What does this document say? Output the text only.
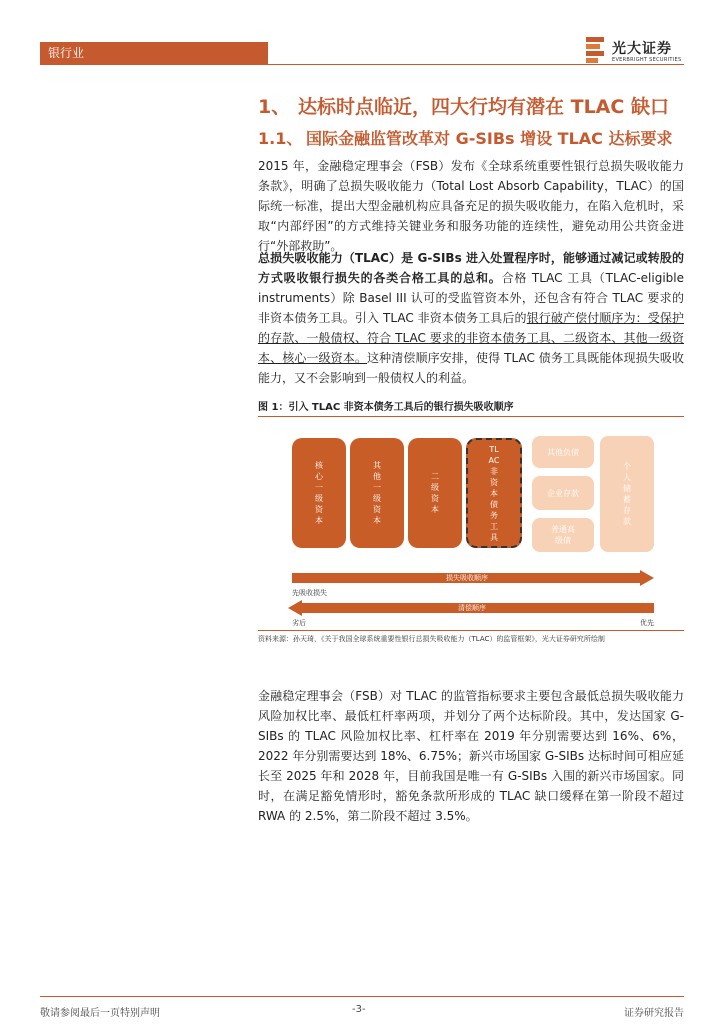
银行业	光大证券
EVERBRIGHT SECURITIES
1、 达标时点临近，四大行均有潜在 TLAC 缺口
1.1、 国际金融监管改革对 G-SIBs 增设 TLAC 达标要求
2015 年，金融稳定理事会（FSB）发布《全球系统重要性银行总损失吸收能力条款》，明确了总损失吸收能力（Total Lost Absorb Capability，TLAC）的国际统一标准，提出大型金融机构应具备充足的损失吸收能力，在陷入危机时，采取“内部纾困”的方式维持关键业务和服务功能的连续性，避免动用公共资金进行“外部救助”。
总损失吸收能力（TLAC）是 G-SIBs 进入处置程序时，能够通过减记或转股的方式吸收银行损失的各类合格工具的总和。合格 TLAC 工具（TLAC-eligible instruments）除 Basel III 认可的受监管资本外，还包含有符合 TLAC 要求的非资本债务工具。引入 TLAC 非资本债务工具后的银行破产偿付顺序为：受保护的存款、一般债权、符合 TLAC 要求的非资本债务工具、二级资本、其他一级资本、核心一级资本。这种清偿顺序安排，使得 TLAC 债务工具既能体现损失吸收能力，又不会影响到一般债权人的利益。
图 1：引入 TLAC 非资本债务工具后的银行损失吸收顺序
核心一级资本
其他一级资本
二级资本
TLAC非资本债务工具
其他负债
企业存款
普通高级债
个人储蓄存款
损失吸收顺序
先吸收损失
清偿顺序
劣后	优先
资料来源：孙天琦，《关于我国全球系统重要性银行总损失吸收能力（TLAC）的监管框架》，光大证券研究所绘制
金融稳定理事会（FSB）对 TLAC 的监管指标要求主要包含最低总损失吸收能力风险加权比率、最低杠杆率两项，并划分了两个达标阶段。其中，发达国家 G-SIBs 的 TLAC 风险加权比率、杠杆率在 2019 年分别需要达到 16%、6%，2022 年分别需要达到 18%、6.75%；新兴市场国家 G-SIBs 达标时间可相应延长至 2025 年和 2028 年，目前我国是唯一有 G-SIBs 入围的新兴市场国家。同时，在满足豁免情形时，豁免条款所形成的 TLAC 缺口缓释在第一阶段不超过 RWA 的 2.5%，第二阶段不超过 3.5%。
敬请参阅最后一页特别声明	-3-	证券研究报告
